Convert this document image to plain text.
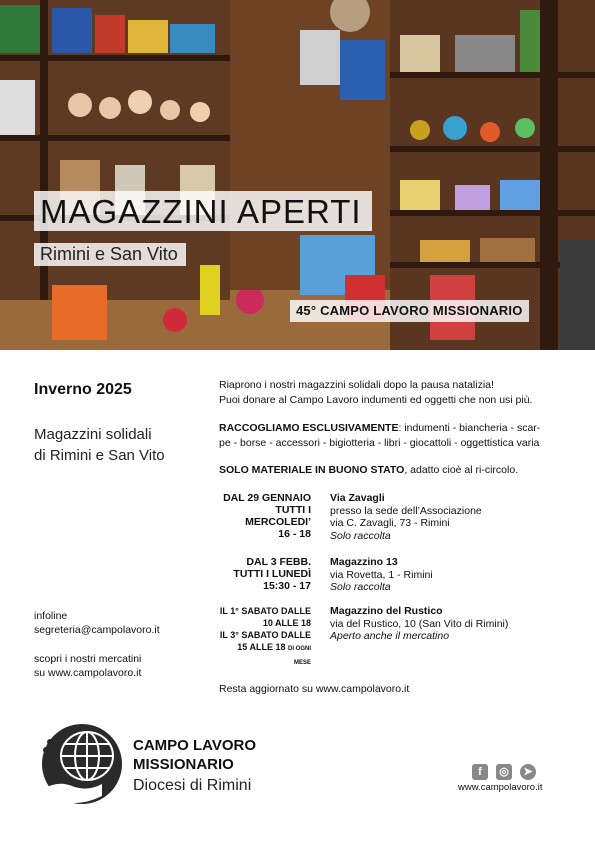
MAGAZZINI APERTI
Rimini e San Vito
45° CAMPO LAVORO MISSIONARIO
Inverno 2025
Magazzini solidali
di Rimini e San Vito
Riaprono i nostri magazzini solidali dopo la pausa natalizia!
Puoi donare al Campo Lavoro indumenti ed oggetti che non usi più.
RACCOGLIAMO ESCLUSIVAMENTE: indumenti - biancheria - scar-
pe - borse - accessori - bigiotteria - libri - giocattoli - oggettistica varia
SOLO MATERIALE IN BUONO STATO, adatto cioè al ri-circolo.
DAL 29 GENNAIO
TUTTI I
MERCOLEDI’
16 - 18
Via Zavagli
presso la sede dell’Associazione
via C. Zavagli, 73 - Rimini
Solo raccolta
DAL 3 FEBB.
TUTTI I LUNEDÌ
15:30 - 17
Magazzino 13
via Rovetta, 1 - Rimini
Solo raccolta
IL 1° SABATO DALLE
10 ALLE 18
IL 3° SABATO DALLE
15 ALLE 18 DI OGNI MESE
Magazzino del Rustico
via del Rustico, 10 (San Vito di Rimini)
Aperto anche il mercatino
infoline
segreteria@campolavoro.it
scopri i nostri mercatini
su www.campolavoro.it
Resta aggiornato su www.campolavoro.it
CAMPO LAVORO
MISSIONARIO
Diocesi di Rimini
f	◎	➤
www.campolavoro.it
